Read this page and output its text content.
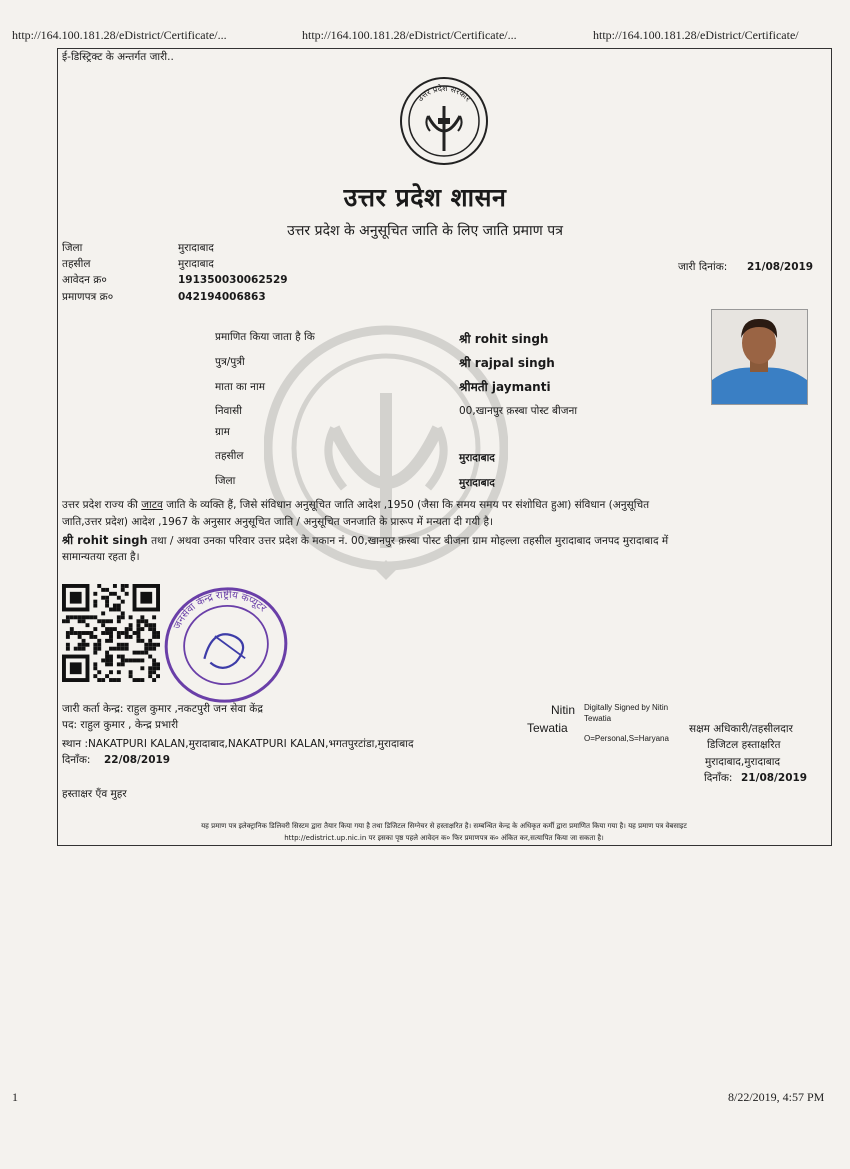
http://164.100.181.28/eDistrict/Certificate/...	http://164.100.181.28/eDistrict/Certificate/...	http://164.100.181.28/eDistrict/Certificate/
ई-डिस्ट्रिक्ट के अन्तर्गत जारी..
उत्तर प्रदेश सरकार
उत्तर प्रदेश शासन
उत्तर प्रदेश के अनुसूचित जाति के लिए जाति प्रमाण पत्र
जिला	मुरादाबाद
तहसील	मुरादाबाद
आवेदन क्र०	191350030062529
प्रमाणपत्र क्र०	042194006863
जारी दिनांक: 21/08/2019
प्रमाणित किया जाता है कि	श्री rohit singh
पुत्र/पुत्री	श्री rajpal singh
माता का नाम	श्रीमती jaymanti
निवासी	00,खानपुर क़स्बा पोस्ट बीजना
ग्राम
तहसील	मुरादाबाद
जिला	मुरादाबाद
उत्तर प्रदेश राज्य की जाटव जाति के व्यक्ति हैं, जिसे संविधान अनुसूचित जाति आदेश ,1950 (जैसा कि समय समय पर संशोधित हुआ) संविधान (अनुसूचित
जाति,उत्तर प्रदेश) आदेश ,1967 के अनुसार अनुसूचित जाति / अनुसूचित जनजाति के प्रारूप में मन्यता दी गयी है।
श्री rohit singh तथा / अथवा उनका परिवार उत्तर प्रदेश के मकान नं. 00,खानपुर क़स्बा पोस्ट बीजना ग्राम मोहल्ला तहसील मुरादाबाद जनपद मुरादाबाद में
सामान्यतया रहता है।
जनसेवा केन्द्र राष्ट्रीय कंप्यूटर
जारी कर्ता केन्द्र: राहुल कुमार ,नकटपुरी जन सेवा केंद्र
पद: राहुल कुमार , केन्द्र प्रभारी
स्थान :NAKATPURI KALAN,मुरादाबाद,NAKATPURI KALAN,भगतपुरटांडा,मुरादाबाद
दिनाँक: 22/08/2019
हस्ताक्षर एँव मुहर
Nitin
Tewatia
Digitally Signed by Nitin
Tewatia
O=Personal,S=Haryana
सक्षम अधिकारी/तहसीलदार
डिजिटल हस्ताक्षरित
मुरादाबाद,मुरादाबाद
दिनाँक: 21/08/2019
यह प्रमाण पत्र इलेक्ट्रानिक डिलिवरी सिस्टम द्वारा तैयार किया गया है तथा डिजिटल सिग्नेचर से हस्ताक्षरित है। सम्बन्धित केन्द्र के अधिकृत कर्मी द्वारा प्रमाणित किया गया है। यह प्रमाण पत्र वेबसाइट
http://edistrict.up.nic.in पर इसका पृष्ठ पहले आवेदन क० फिर प्रमाणपत्र क० अंकित कर,सत्यापित किया जा सकता है।
1	8/22/2019, 4:57 PM
